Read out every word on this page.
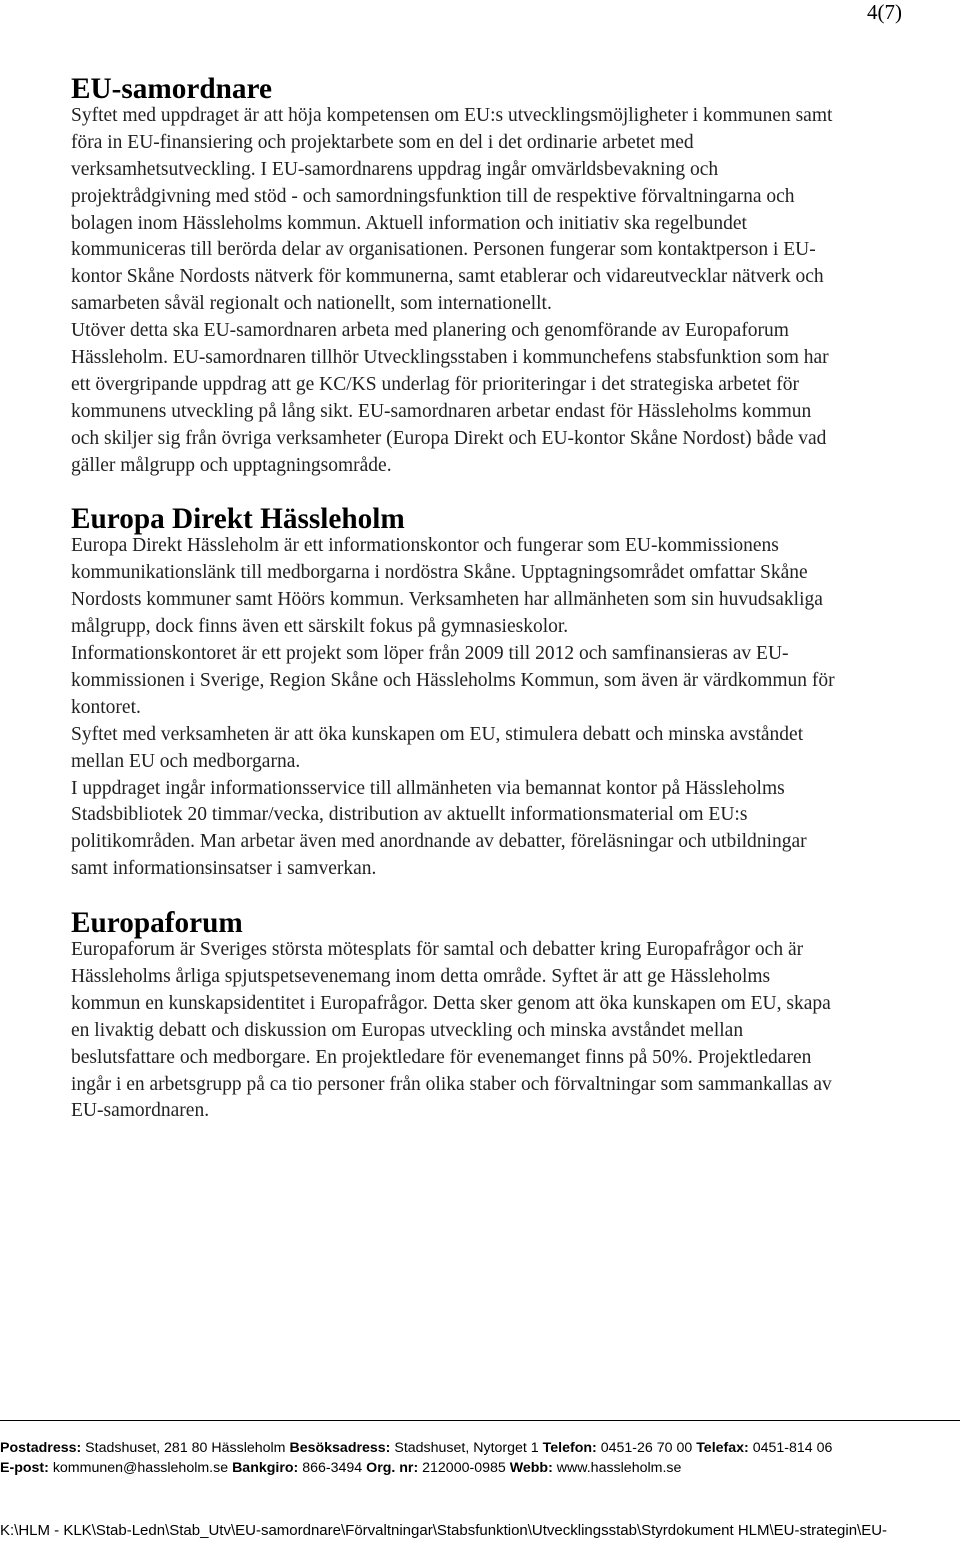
4(7)
EU-samordnare

Syftet med uppdraget är att höja kompetensen om EU:s utvecklingsmöjligheter i kommunen samt föra in EU-finansiering och projektarbete som en del i det ordinarie arbetet med verksamhetsutveckling. I EU-samordnarens uppdrag ingår omvärldsbevakning och projektrådgivning med stöd - och samordningsfunktion till de respektive förvaltningarna och bolagen inom Hässleholms kommun. Aktuell information och initiativ ska regelbundet kommuniceras till berörda delar av organisationen. Personen fungerar som kontaktperson i EU-kontor Skåne Nordosts nätverk för kommunerna, samt etablerar och vidareutvecklar nätverk och samarbeten såväl regionalt och nationellt, som internationellt.

Utöver detta ska EU-samordnaren arbeta med planering och genomförande av Europaforum Hässleholm. EU-samordnaren tillhör Utvecklingsstaben i kommunchefens stabsfunktion som har ett övergripande uppdrag att ge KC/KS underlag för prioriteringar i det strategiska arbetet för kommunens utveckling på lång sikt. EU-samordnaren arbetar endast för Hässleholms kommun och skiljer sig från övriga verksamheter (Europa Direkt och EU-kontor Skåne Nordost) både vad gäller målgrupp och upptagningsområde.

Europa Direkt Hässleholm

Europa Direkt Hässleholm är ett informationskontor och fungerar som EU-kommissionens kommunikationslänk till medborgarna i nordöstra Skåne. Upptagningsområdet omfattar Skåne Nordosts kommuner samt Höörs kommun. Verksamheten har allmänheten som sin huvudsakliga målgrupp, dock finns även ett särskilt fokus på gymnasieskolor.

Informationskontoret är ett projekt som löper från 2009 till 2012 och samfinansieras av EU-kommissionen i Sverige, Region Skåne och Hässleholms Kommun, som även är värdkommun för kontoret.

Syftet med verksamheten är att öka kunskapen om EU, stimulera debatt och minska avståndet mellan EU och medborgarna.

I uppdraget ingår informationsservice till allmänheten via bemannat kontor på Hässleholms Stadsbibliotek 20 timmar/vecka, distribution av aktuellt informationsmaterial om EU:s politikområden. Man arbetar även med anordnande av debatter, föreläsningar och utbildningar samt informationsinsatser i samverkan.

Europaforum

Europaforum är Sveriges största mötesplats för samtal och debatter kring Europafrågor och är Hässleholms årliga spjutspetsevenemang inom detta område. Syftet är att ge Hässleholms kommun en kunskapsidentitet i Europafrågor. Detta sker genom att öka kunskapen om EU, skapa en livaktig debatt och diskussion om Europas utveckling och minska avståndet mellan beslutsfattare och medborgare. En projektledare för evenemanget finns på 50%. Projektledaren ingår i en arbetsgrupp på ca tio personer från olika staber och förvaltningar som sammankallas av EU-samordnaren.

Postadress: Stadshuset, 281 80 Hässleholm Besöksadress: Stadshuset, Nytorget 1 Telefon: 0451-26 70 00 Telefax: 0451-814 06
E-post: kommunen@hassleholm.se Bankgiro: 866-3494 Org. nr: 212000-0985 Webb: www.hassleholm.se
K:\HLM - KLK\Stab-Ledn\Stab_Utv\EU-samordnare\Förvaltningar\Stabsfunktion\Utvecklingsstab\Styrdokument HLM\EU-strategin\EU-
